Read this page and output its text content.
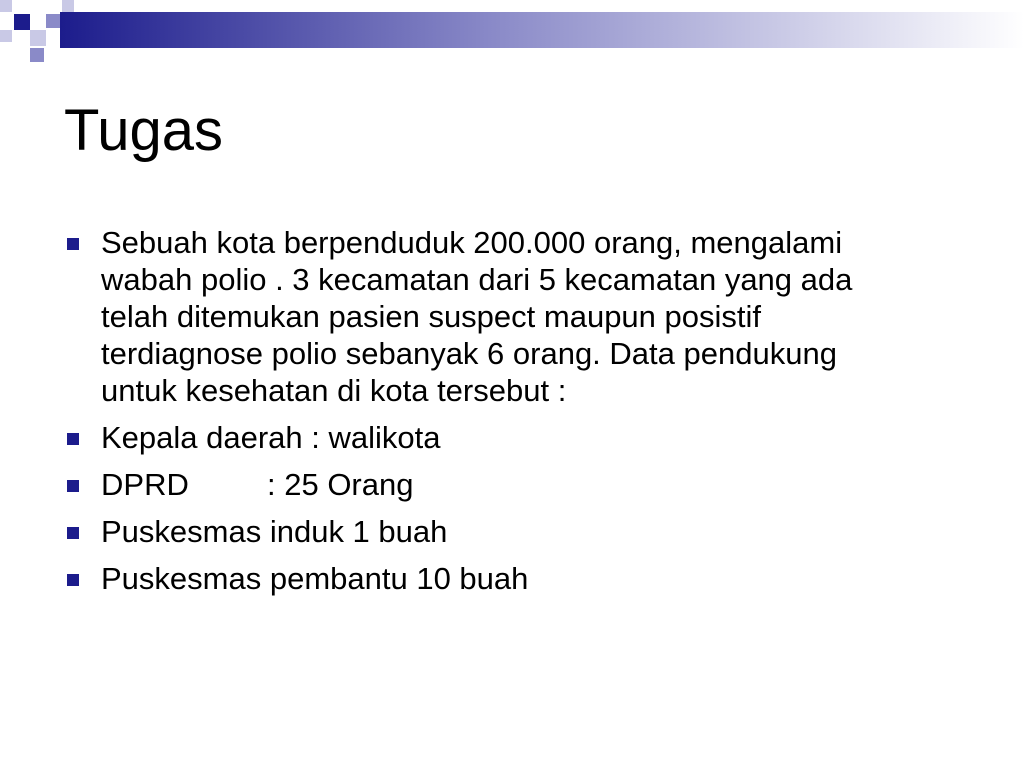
Tugas
Sebuah kota berpenduduk 200.000 orang, mengalami wabah polio . 3 kecamatan dari 5 kecamatan yang ada telah ditemukan pasien suspect maupun posistif terdiagnose polio sebanyak 6 orang. Data pendukung untuk kesehatan di kota tersebut :
Kepala daerah : walikota
DPRD	: 25 Orang
Puskesmas induk 1 buah
Puskesmas pembantu 10 buah
